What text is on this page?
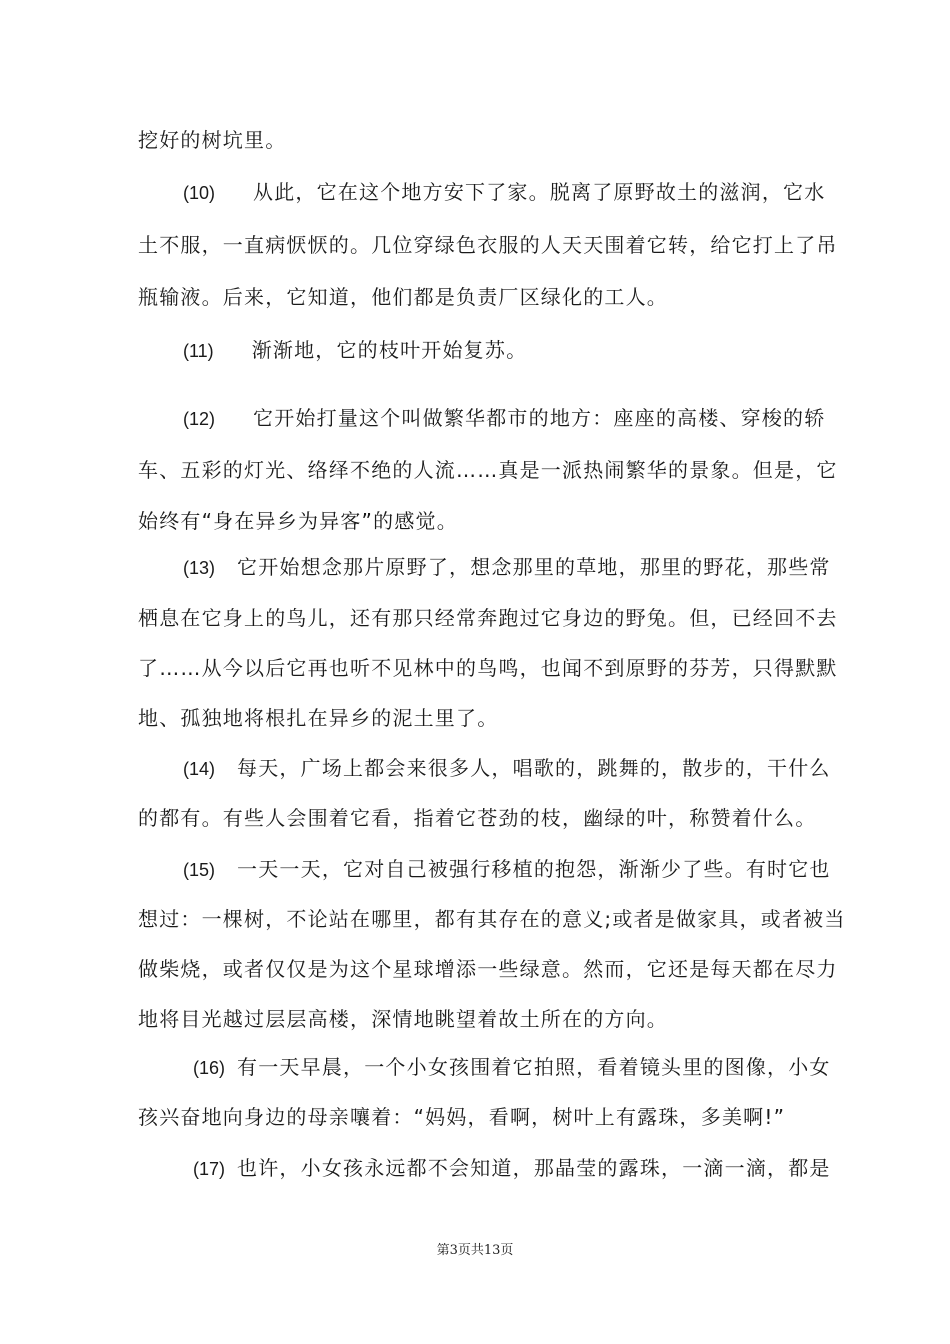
挖好的树坑里。
(10) 从此，它在这个地方安下了家。脱离了原野故土的滋润，它水
土不服，一直病恹恹的。几位穿绿色衣服的人天天围着它转，给它打上了吊
瓶输液。后来，它知道，他们都是负责厂区绿化的工人。
(11) 渐渐地，它的枝叶开始复苏。
(12) 它开始打量这个叫做繁华都市的地方：座座的高楼、穿梭的轿
车、五彩的灯光、络绎不绝的人流……真是一派热闹繁华的景象。但是，它
始终有“身在异乡为异客”的感觉。
(13) 它开始想念那片原野了，想念那里的草地，那里的野花，那些常
栖息在它身上的鸟儿，还有那只经常奔跑过它身边的野兔。但，已经回不去
了……从今以后它再也听不见林中的鸟鸣，也闻不到原野的芬芳，只得默默
地、孤独地将根扎在异乡的泥土里了。
(14) 每天，广场上都会来很多人，唱歌的，跳舞的，散步的，干什么
的都有。有些人会围着它看，指着它苍劲的枝，幽绿的叶，称赞着什么。
(15) 一天一天，它对自己被强行移植的抱怨，渐渐少了些。有时它也
想过：一棵树，不论站在哪里，都有其存在的意义;或者是做家具，或者被当
做柴烧，或者仅仅是为这个星球增添一些绿意。然而，它还是每天都在尽力
地将目光越过层层高楼，深情地眺望着故土所在的方向。
(16) 有一天早晨，一个小女孩围着它拍照，看着镜头里的图像，小女
孩兴奋地向身边的母亲嚷着：“妈妈，看啊，树叶上有露珠，多美啊!”
(17) 也许，小女孩永远都不会知道，那晶莹的露珠，一滴一滴，都是
第3页共13页
